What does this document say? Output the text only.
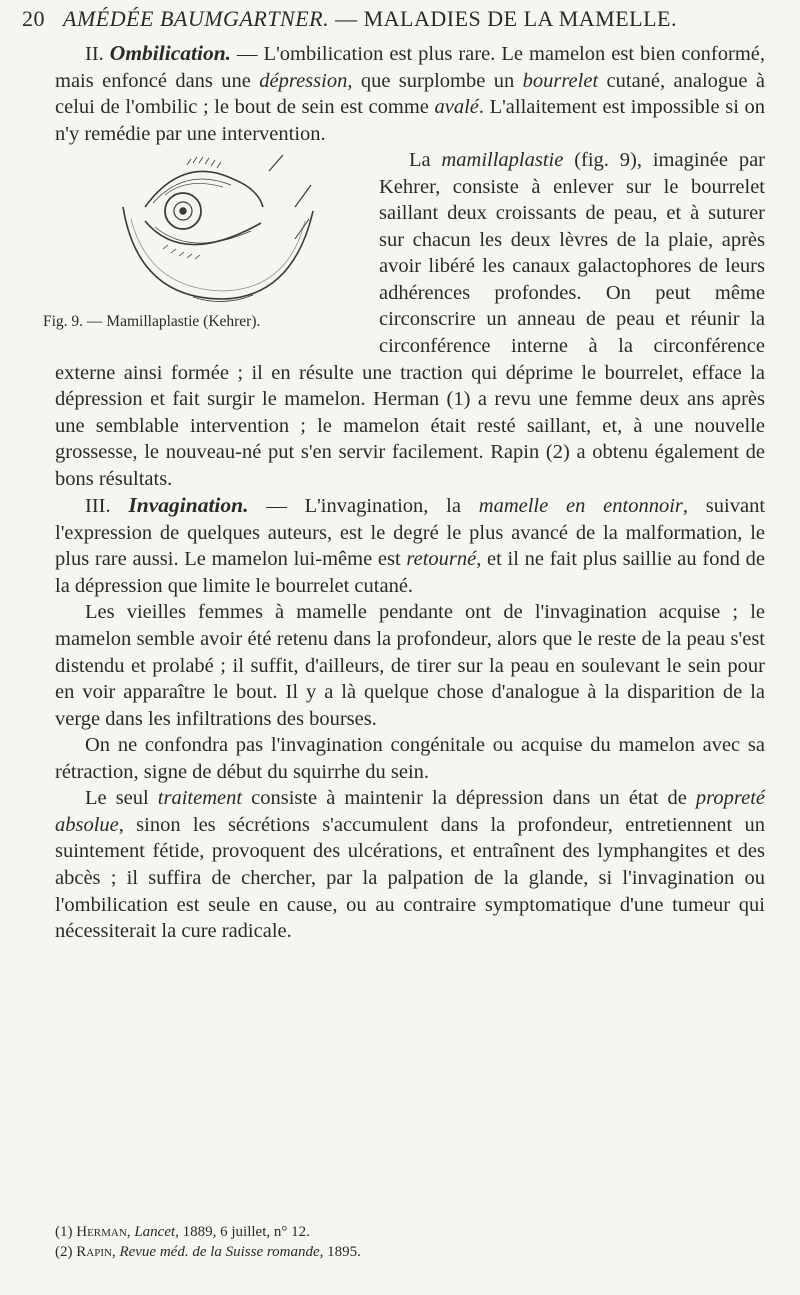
20 AMÉDÉE BAUMGARTNER. — MALADIES DE LA MAMELLE.

II. Ombilication. — L'ombilication est plus rare. Le mamelon est bien conformé, mais enfoncé dans une dépression, que surplombe un bourrelet cutané, analogue à celui de l'ombilic ; le bout de sein est comme avalé. L'allaitement est impossible si on n'y remédie par une intervention.

Fig. 9. — Mamillaplastie (Kehrer).

La mamillaplastie (fig. 9), imaginée par Kehrer, consiste à enlever sur le bourrelet saillant deux croissants de peau, et à suturer sur chacun les deux lèvres de la plaie, après avoir libéré les canaux galactophores de leurs adhérences profondes. On peut même circonscrire un anneau de peau et réunir la circonférence interne à la circonférence externe ainsi formée ; il en résulte une traction qui déprime le bourrelet, efface la dépression et fait surgir le mamelon. Herman (1) a revu une femme deux ans après une semblable intervention ; le mamelon était resté saillant, et, à une nouvelle grossesse, le nouveau-né put s'en servir facilement. Rapin (2) a obtenu également de bons résultats.

III. Invagination. — L'invagination, la mamelle en entonnoir, suivant l'expression de quelques auteurs, est le degré le plus avancé de la malformation, le plus rare aussi. Le mamelon lui-même est retourné, et il ne fait plus saillie au fond de la dépression que limite le bourrelet cutané.

Les vieilles femmes à mamelle pendante ont de l'invagination acquise ; le mamelon semble avoir été retenu dans la profondeur, alors que le reste de la peau s'est distendu et prolabé ; il suffit, d'ailleurs, de tirer sur la peau en soulevant le sein pour en voir apparaître le bout. Il y a là quelque chose d'analogue à la disparition de la verge dans les infiltrations des bourses.

On ne confondra pas l'invagination congénitale ou acquise du mamelon avec sa rétraction, signe de début du squirrhe du sein.

Le seul traitement consiste à maintenir la dépression dans un état de propreté absolue, sinon les sécrétions s'accumulent dans la profondeur, entretiennent un suintement fétide, provoquent des ulcérations, et entraînent des lymphangites et des abcès ; il suffira de chercher, par la palpation de la glande, si l'invagination ou l'ombilication est seule en cause, ou au contraire symptomatique d'une tumeur qui nécessiterait la cure radicale.

(1) Herman, Lancet, 1889, 6 juillet, n° 12.
(2) Rapin, Revue méd. de la Suisse romande, 1895.
